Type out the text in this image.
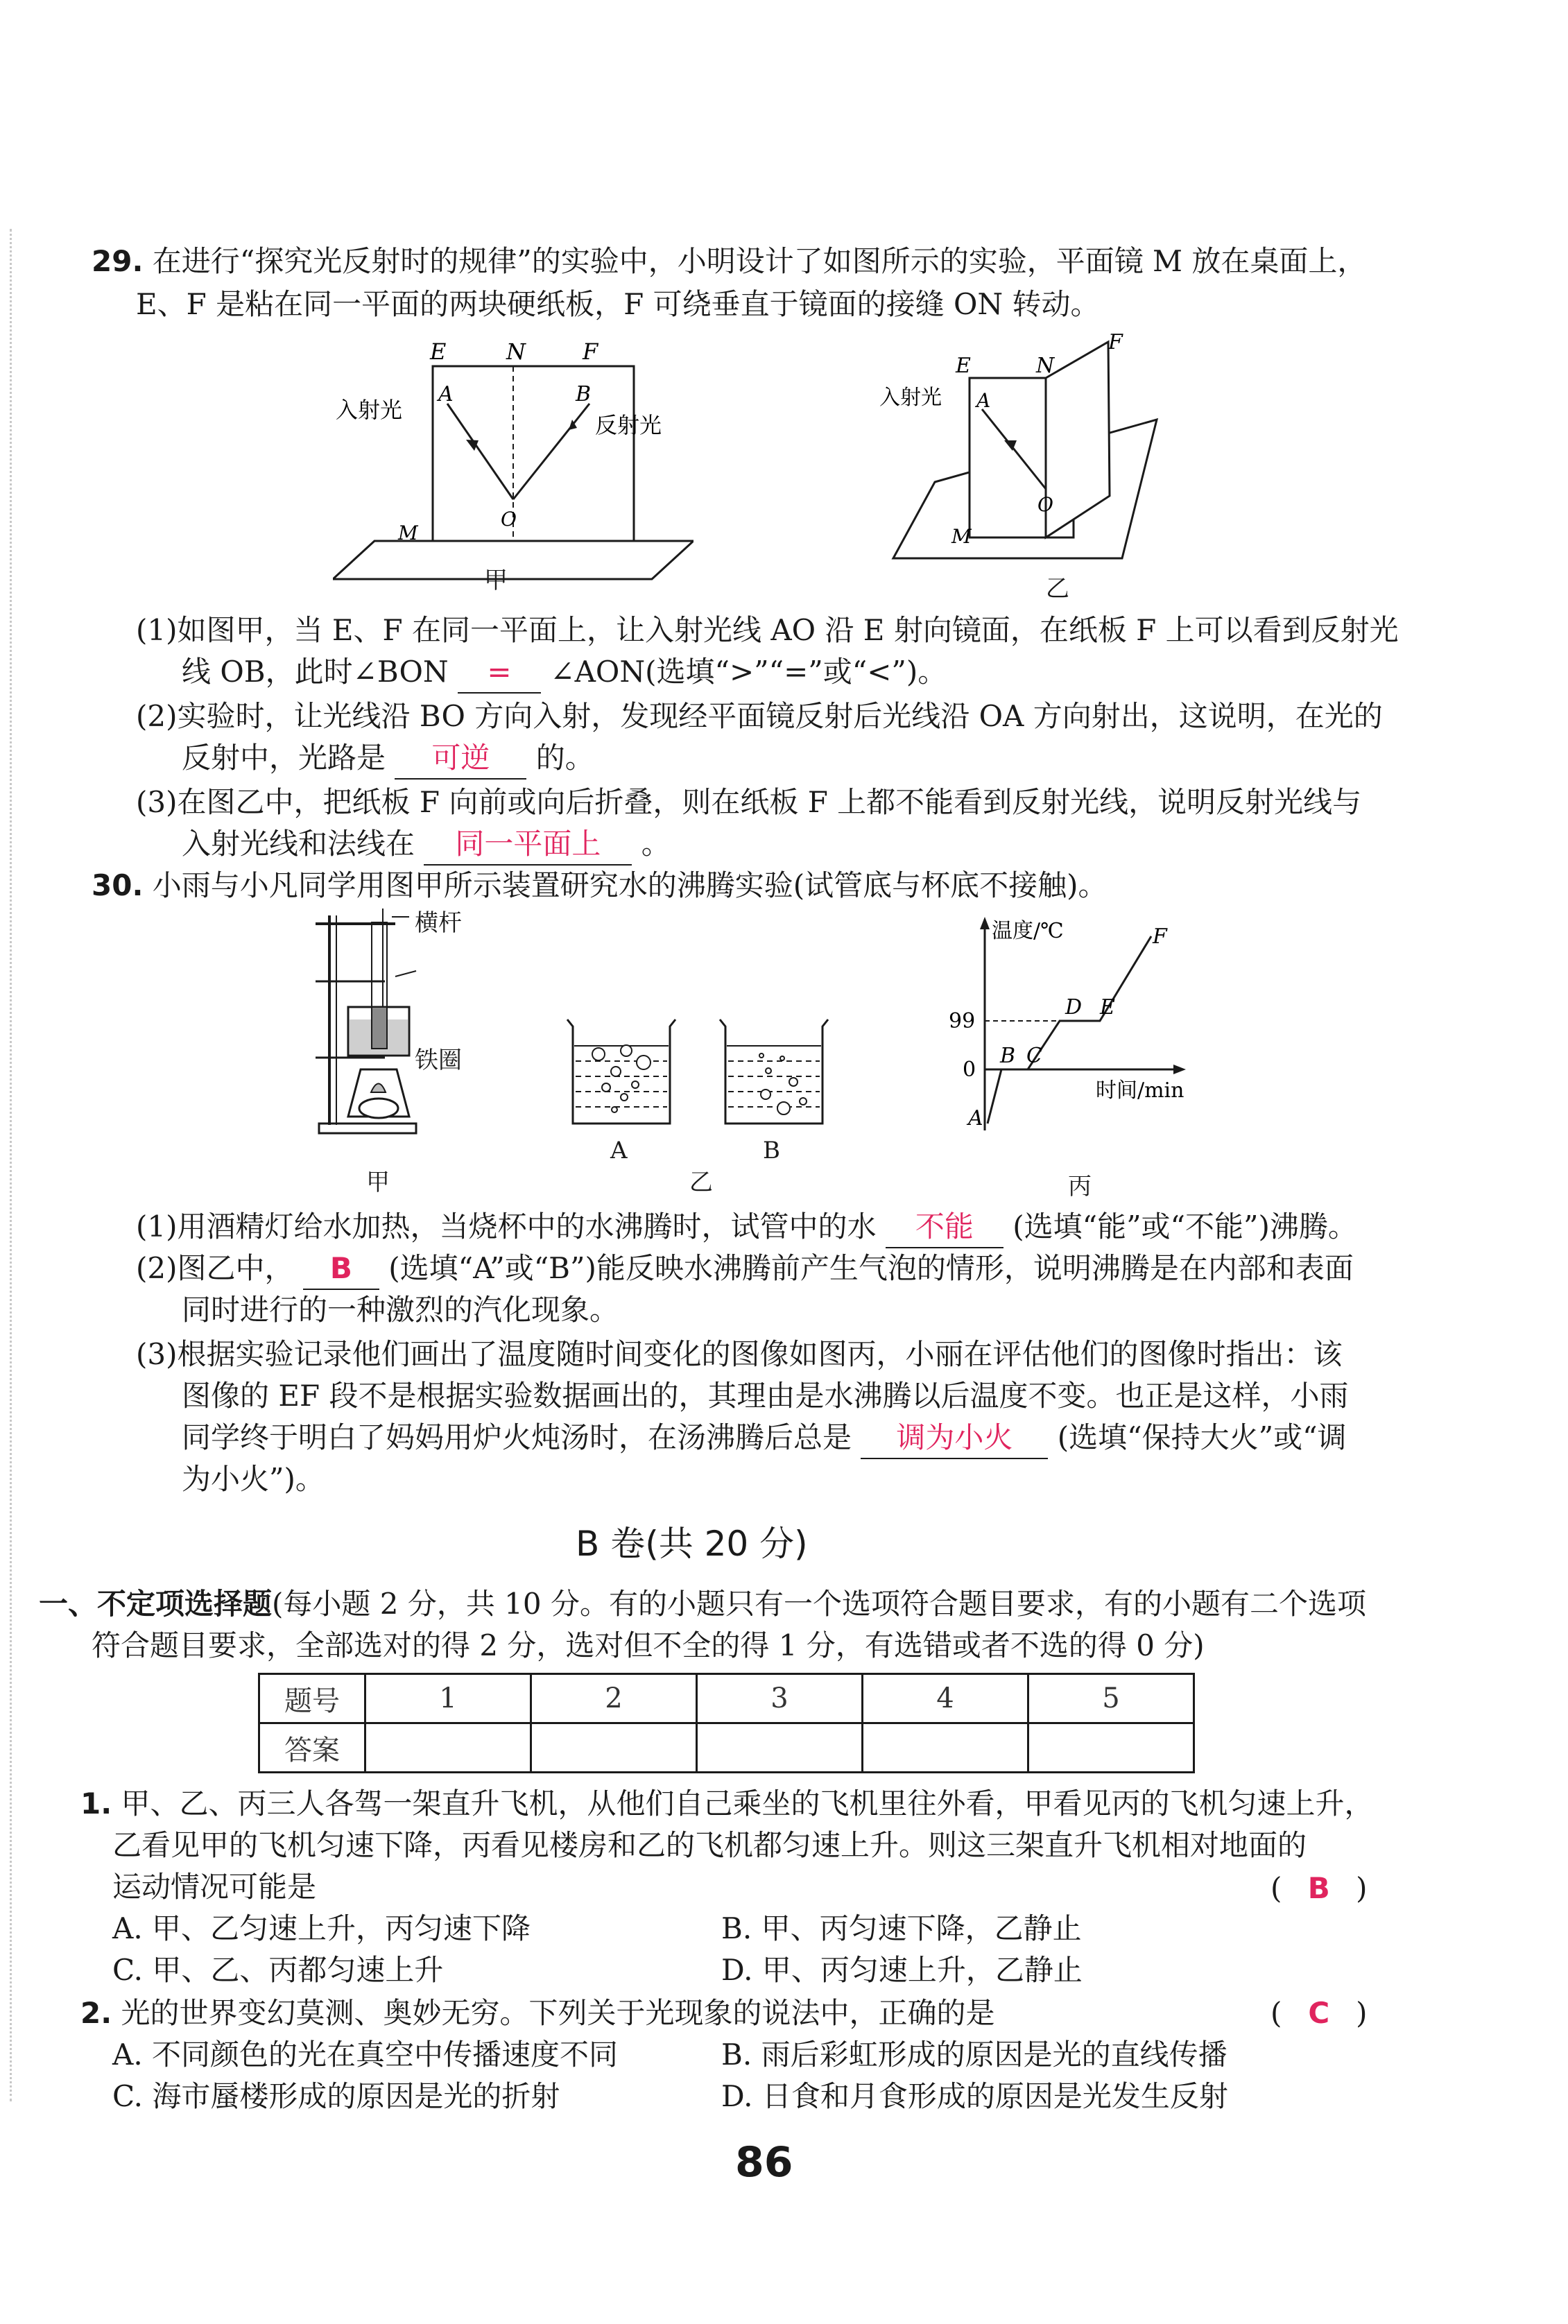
29. 在进行“探究光反射时的规律”的实验中，小明设计了如图所示的实验，平面镜 M 放在桌面上，
E、F 是粘在同一平面的两块硬纸板，F 可绕垂直于镜面的接缝 ON 转动。
E	N	F
A	B
O
M
入射光
反射光
甲
E	N
F
A
O
M
入射光
乙
(1)如图甲，当 E、F 在同一平面上，让入射光线 AO 沿 E 射向镜面，在纸板 F 上可以看到反射光
线 OB，此时∠BON = ∠AON(选填“>”“=”或“<”)。
(2)实验时，让光线沿 BO 方向入射，发现经平面镜反射后光线沿 OA 方向射出，这说明，在光的
反射中，光路是 可逆 的。
(3)在图乙中，把纸板 F 向前或向后折叠，则在纸板 F 上都不能看到反射光线，说明反射光线与
入射光线和法线在 同一平面上 。
30. 小雨与小凡同学用图甲所示装置研究水的沸腾实验(试管底与杯底不接触)。
横杆
铁圈
甲
A	B
乙
温度/℃
时间/min
99
0
A
B C
D E
F
丙
(1)用酒精灯给水加热，当烧杯中的水沸腾时，试管中的水 不能 (选填“能”或“不能”)沸腾。
(2)图乙中， B (选填“A”或“B”)能反映水沸腾前产生气泡的情形，说明沸腾是在内部和表面
同时进行的一种激烈的汽化现象。
(3)根据实验记录他们画出了温度随时间变化的图像如图丙，小丽在评估他们的图像时指出：该
图像的 EF 段不是根据实验数据画出的，其理由是水沸腾以后温度不变。也正是这样，小雨
同学终于明白了妈妈用炉火炖汤时，在汤沸腾后总是 调为小火 (选填“保持大火”或“调
为小火”)。
B 卷(共 20 分)
一、不定项选择题(每小题 2 分，共 10 分。有的小题只有一个选项符合题目要求，有的小题有二个选项
符合题目要求，全部选对的得 2 分，选对但不全的得 1 分，有选错或者不选的得 0 分)
题号	1	2	3	4	5
答案					
1. 甲、乙、丙三人各驾一架直升飞机，从他们自己乘坐的飞机里往外看，甲看见丙的飞机匀速上升，
乙看见甲的飞机匀速下降，丙看见楼房和乙的飞机都匀速上升。则这三架直升飞机相对地面的
运动情况可能是	( B )
A. 甲、乙匀速上升，丙匀速下降	B. 甲、丙匀速下降，乙静止
C. 甲、乙、丙都匀速上升	D. 甲、丙匀速上升，乙静止
2. 光的世界变幻莫测、奥妙无穷。下列关于光现象的说法中，正确的是	( C )
A. 不同颜色的光在真空中传播速度不同	B. 雨后彩虹形成的原因是光的直线传播
C. 海市蜃楼形成的原因是光的折射	D. 日食和月食形成的原因是光发生反射
86
